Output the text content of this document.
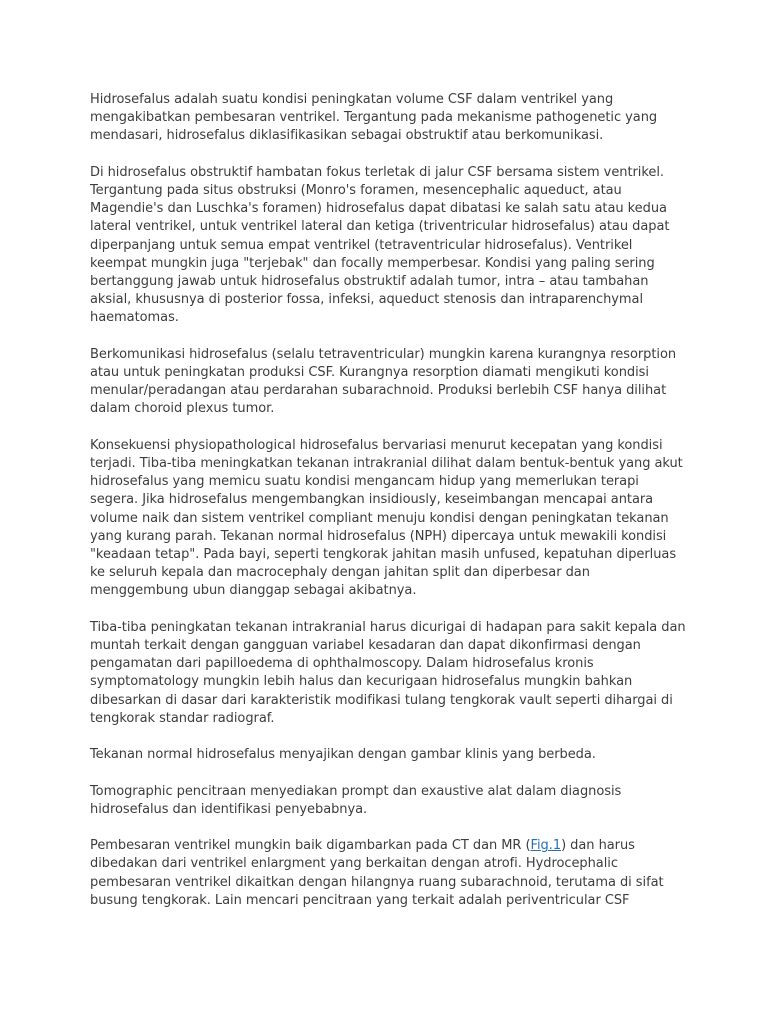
Hidrosefalus adalah suatu kondisi peningkatan volume CSF dalam ventrikel yang mengakibatkan pembesaran ventrikel. Tergantung pada mekanisme pathogenetic yang mendasari, hidrosefalus diklasifikasikan sebagai obstruktif atau berkomunikasi.

Di hidrosefalus obstruktif hambatan fokus terletak di jalur CSF bersama sistem ventrikel. Tergantung pada situs obstruksi (Monro's foramen, mesencephalic aqueduct, atau Magendie's dan Luschka's foramen) hidrosefalus dapat dibatasi ke salah satu atau kedua lateral ventrikel, untuk ventrikel lateral dan ketiga (triventricular hidrosefalus) atau dapat diperpanjang untuk semua empat ventrikel (tetraventricular hidrosefalus). Ventrikel keempat mungkin juga "terjebak" dan focally memperbesar. Kondisi yang paling sering bertanggung jawab untuk hidrosefalus obstruktif adalah tumor, intra – atau tambahan aksial, khususnya di posterior fossa, infeksi, aqueduct stenosis dan intraparenchymal haematomas.

Berkomunikasi hidrosefalus (selalu tetraventricular) mungkin karena kurangnya resorption atau untuk peningkatan produksi CSF. Kurangnya resorption diamati mengikuti kondisi menular/peradangan atau perdarahan subarachnoid. Produksi berlebih CSF hanya dilihat dalam choroid plexus tumor.

Konsekuensi physiopathological hidrosefalus bervariasi menurut kecepatan yang kondisi terjadi. Tiba-tiba meningkatkan tekanan intrakranial dilihat dalam bentuk-bentuk yang akut hidrosefalus yang memicu suatu kondisi mengancam hidup yang memerlukan terapi segera. Jika hidrosefalus mengembangkan insidiously, keseimbangan mencapai antara volume naik dan sistem ventrikel compliant menuju kondisi dengan peningkatan tekanan yang kurang parah. Tekanan normal hidrosefalus (NPH) dipercaya untuk mewakili kondisi "keadaan tetap". Pada bayi, seperti tengkorak jahitan masih unfused, kepatuhan diperluas ke seluruh kepala dan macrocephaly dengan jahitan split dan diperbesar dan menggembung ubun dianggap sebagai akibatnya.

Tiba-tiba peningkatan tekanan intrakranial harus dicurigai di hadapan para sakit kepala dan muntah terkait dengan gangguan variabel kesadaran dan dapat dikonfirmasi dengan pengamatan dari papilloedema di ophthalmoscopy. Dalam hidrosefalus kronis symptomatology mungkin lebih halus dan kecurigaan hidrosefalus mungkin bahkan dibesarkan di dasar dari karakteristik modifikasi tulang tengkorak vault seperti dihargai di tengkorak standar radiograf.

Tekanan normal hidrosefalus menyajikan dengan gambar klinis yang berbeda.

Tomographic pencitraan menyediakan prompt dan exaustive alat dalam diagnosis hidrosefalus dan identifikasi penyebabnya.

Pembesaran ventrikel mungkin baik digambarkan pada CT dan MR (Fig.1) dan harus dibedakan dari ventrikel enlargment yang berkaitan dengan atrofi. Hydrocephalic pembesaran ventrikel dikaitkan dengan hilangnya ruang subarachnoid, terutama di sifat busung tengkorak. Lain mencari pencitraan yang terkait adalah periventricular CSF
